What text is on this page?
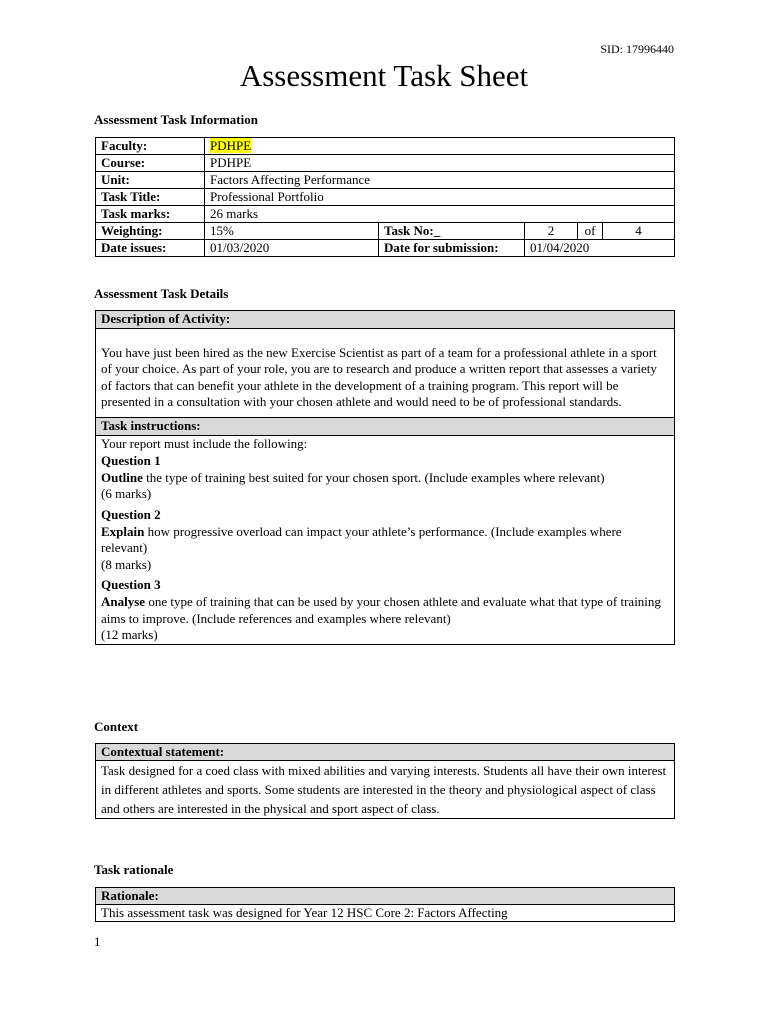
SID: 17996440
Assessment Task Sheet
Assessment Task Information
Faculty:	PDHPE				
Course:	PDHPE				
Unit:	Factors Affecting Performance				
Task Title:	Professional Portfolio				
Task marks:	26 marks				
Weighting:	15%	Task No:_	2	of	4
Date issues:	01/03/2020	Date for submission:	01/04/2020		
Assessment Task Details
Description of Activity:
You have just been hired as the new Exercise Scientist as part of a team for a professional athlete in a sport of your choice. As part of your role, you are to research and produce a written report that assesses a variety of factors that can benefit your athlete in the development of a training program. This report will be presented in a consultation with your chosen athlete and would need to be of professional standards.
Task instructions:

Your report must include the following:
Question 1
Outline the type of training best suited for your chosen sport. (Include examples where relevant)
(6 marks)
Question 2
Explain how progressive overload can impact your athlete’s performance. (Include examples where relevant)
(8 marks)
Question 3
Analyse one type of training that can be used by your chosen athlete and evaluate what that type of training aims to improve. (Include references and examples where relevant)
(12 marks)
Context
Contextual statement:
Task designed for a coed class with mixed abilities and varying interests. Students all have their own interest in different athletes and sports. Some students are interested in the theory and physiological aspect of class and others are interested in the physical and sport aspect of class.
Task rationale
Rationale:
This assessment task was designed for Year 12 HSC Core 2: Factors Affecting
1
